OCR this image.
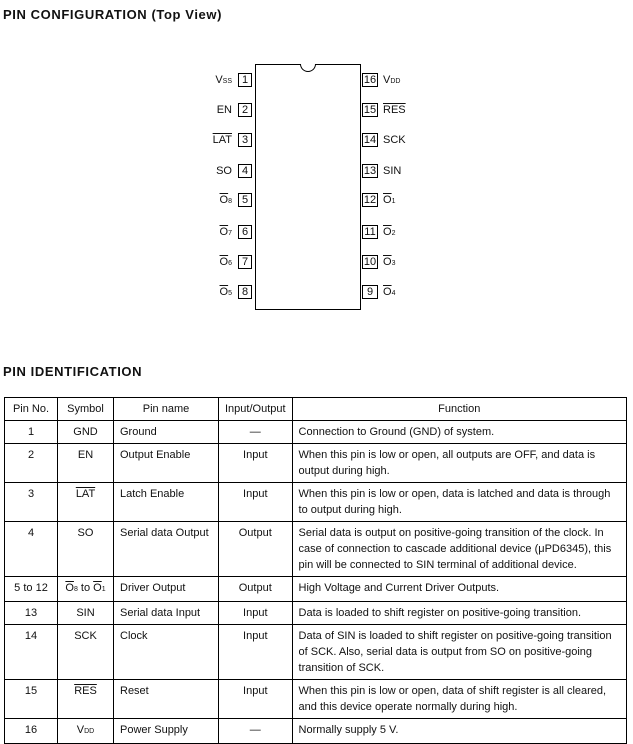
PIN CONFIGURATION (Top View)
1
VSS
2
EN
3
$\overline{LAT}$
4
SO
5
$\overline{O}8$
6
$\overline{O}7$
7
$\overline{O}6$
8
$\overline{O}5$
16 VDD
15 $\overline{RES}$
14 SCK
13 SIN
12 $\overline{O}1$
11 $\overline{O}2$
10 $\overline{O}3$
9 $\overline{O}4$
PIN IDENTIFICATION
Pin No.	Symbol	Pin name	Input/Output	Function
1	GND	Ground	—	Connection to Ground (GND) of system.
2	EN	Output Enable	Input	When this pin is low or open, all outputs are OFF, and data is output during high.
3	$\overline{LAT}$	Latch Enable	Input	When this pin is low or open, data is latched and data is through to output during high.
4	SO	Serial data Output	Output	Serial data is output on positive-going transition of the clock. In case of connection to cascade additional device (μPD6345), this pin will be connected to SIN terminal of additional device.
5 to 12	$\overline{O}8$ to $\overline{O}1$	Driver Output	Output	High Voltage and Current Driver Outputs.
13	SIN	Serial data Input	Input	Data is loaded to shift register on positive-going transition.
14	SCK	Clock	Input	Data of SIN is loaded to shift register on positive-going transition of SCK. Also, serial data is output from SO on positive-going transition of SCK.
15	$\overline{RES}$	Reset	Input	When this pin is low or open, data of shift register is all cleared, and this device operate normally during high.
16	VDD	Power Supply	—	Normally supply 5 V.
